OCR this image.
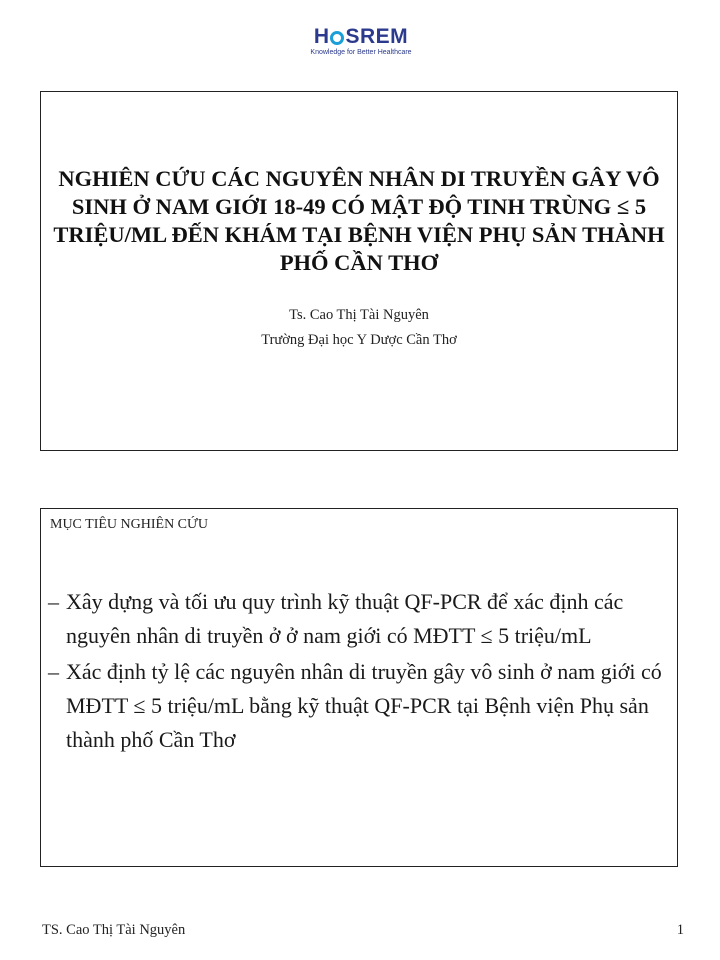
H SREM
Knowledge for Better Healthcare
NGHIÊN CỨU CÁC NGUYÊN NHÂN DI TRUYỀN GÂY VÔ SINH Ở NAM GIỚI 18-49 CÓ MẬT ĐỘ TINH TRÙNG ≤ 5 TRIỆU/ML ĐẾN KHÁM TẠI BỆNH VIỆN PHỤ SẢN THÀNH PHỐ CẦN THƠ
Ts. Cao Thị Tài Nguyên
Trường Đại học Y Dược Cần Thơ
MỤC TIÊU NGHIÊN CỨU
– Xây dựng và tối ưu quy trình kỹ thuật QF-PCR để xác định các nguyên nhân di truyền ở ở nam giới có MĐTT ≤ 5 triệu/mL
– Xác định tỷ lệ các nguyên nhân di truyền gây vô sinh ở nam giới có MĐTT ≤ 5 triệu/mL bằng kỹ thuật QF-PCR tại Bệnh viện Phụ sản thành phố Cần Thơ
TS. Cao Thị Tài Nguyên	1
